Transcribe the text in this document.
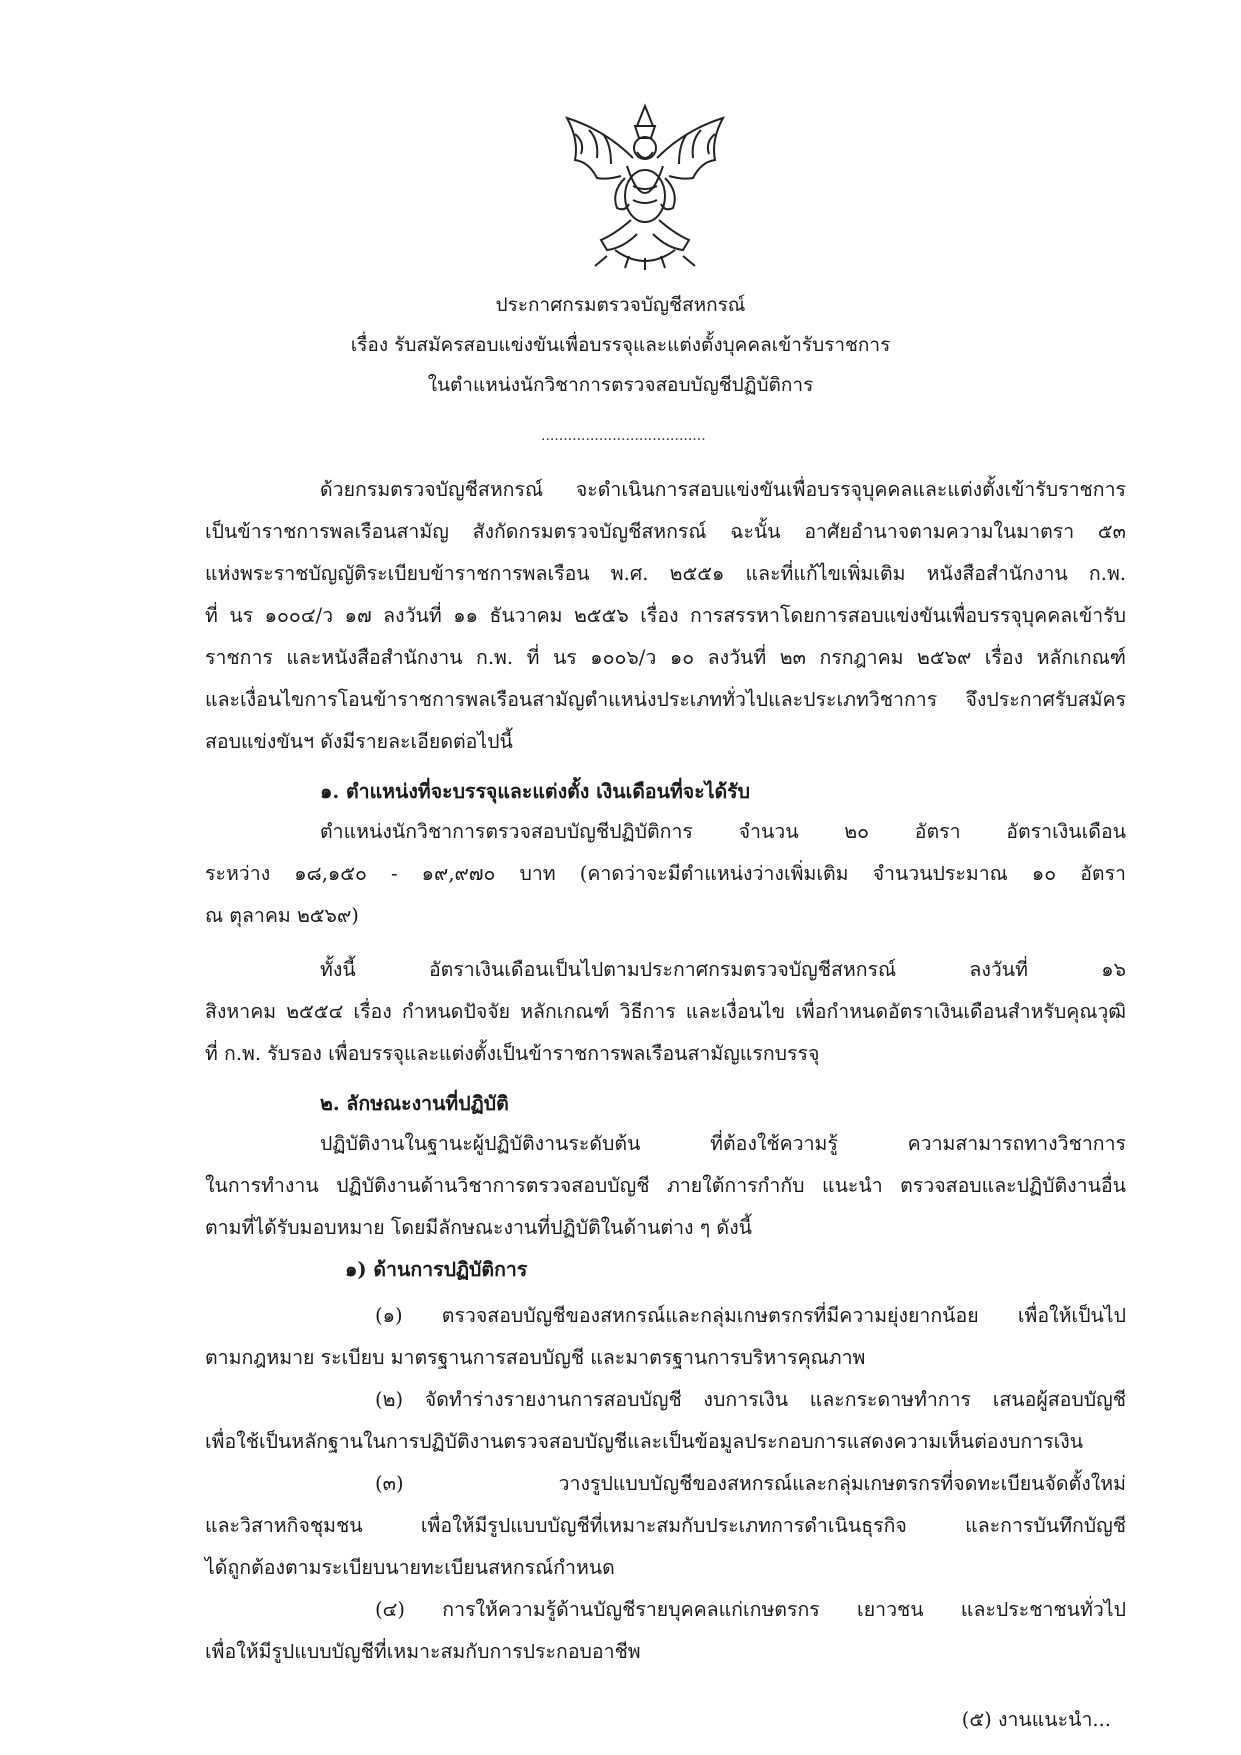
ประกาศกรมตรวจบัญชีสหกรณ์
เรื่อง รับสมัครสอบแข่งขันเพื่อบรรจุและแต่งตั้งบุคคลเข้ารับราชการ
ในตำแหน่งนักวิชาการตรวจสอบบัญชีปฏิบัติการ
.....................................
ด้วยกรมตรวจบัญชีสหกรณ์ จะดำเนินการสอบแข่งขันเพื่อบรรจุบุคคลและแต่งตั้งเข้ารับราชการ
เป็นข้าราชการพลเรือนสามัญ สังกัดกรมตรวจบัญชีสหกรณ์ ฉะนั้น อาศัยอำนาจตามความในมาตรา ๕๓
แห่งพระราชบัญญัติระเบียบข้าราชการพลเรือน พ.ศ. ๒๕๕๑ และที่แก้ไขเพิ่มเติม หนังสือสำนักงาน ก.พ.
ที่ นร ๑๐๐๔/ว ๑๗ ลงวันที่ ๑๑ ธันวาคม ๒๕๕๖ เรื่อง การสรรหาโดยการสอบแข่งขันเพื่อบรรจุบุคคลเข้ารับ
ราชการ และหนังสือสำนักงาน ก.พ. ที่ นร ๑๐๐๖/ว ๑๐ ลงวันที่ ๒๓ กรกฎาคม ๒๕๖๙ เรื่อง หลักเกณฑ์
และเงื่อนไขการโอนข้าราชการพลเรือนสามัญตำแหน่งประเภททั่วไปและประเภทวิชาการ จึงประกาศรับสมัคร
สอบแข่งขันฯ ดังมีรายละเอียดต่อไปนี้
๑. ตำแหน่งที่จะบรรจุและแต่งตั้ง เงินเดือนที่จะได้รับ
ตำแหน่งนักวิชาการตรวจสอบบัญชีปฏิบัติการ จำนวน ๒๐ อัตรา อัตราเงินเดือน
ระหว่าง ๑๘,๑๕๐ - ๑๙,๙๗๐ บาท (คาดว่าจะมีตำแหน่งว่างเพิ่มเติม จำนวนประมาณ ๑๐ อัตรา
ณ ตุลาคม ๒๕๖๙)
ทั้งนี้ อัตราเงินเดือนเป็นไปตามประกาศกรมตรวจบัญชีสหกรณ์ ลงวันที่ ๑๖
สิงหาคม ๒๕๕๔ เรื่อง กำหนดปัจจัย หลักเกณฑ์ วิธีการ และเงื่อนไข เพื่อกำหนดอัตราเงินเดือนสำหรับคุณวุฒิ
ที่ ก.พ. รับรอง เพื่อบรรจุและแต่งตั้งเป็นข้าราชการพลเรือนสามัญแรกบรรจุ
๒. ลักษณะงานที่ปฏิบัติ
ปฏิบัติงานในฐานะผู้ปฏิบัติงานระดับต้น ที่ต้องใช้ความรู้ ความสามารถทางวิชาการ
ในการทำงาน ปฏิบัติงานด้านวิชาการตรวจสอบบัญชี ภายใต้การกำกับ แนะนำ ตรวจสอบและปฏิบัติงานอื่น
ตามที่ได้รับมอบหมาย โดยมีลักษณะงานที่ปฏิบัติในด้านต่าง ๆ ดังนี้
๑) ด้านการปฏิบัติการ
(๑) ตรวจสอบบัญชีของสหกรณ์และกลุ่มเกษตรกรที่มีความยุ่งยากน้อย เพื่อให้เป็นไป
ตามกฎหมาย ระเบียบ มาตรฐานการสอบบัญชี และมาตรฐานการบริหารคุณภาพ
(๒) จัดทำร่างรายงานการสอบบัญชี งบการเงิน และกระดาษทำการ เสนอผู้สอบบัญชี
เพื่อใช้เป็นหลักฐานในการปฏิบัติงานตรวจสอบบัญชีและเป็นข้อมูลประกอบการแสดงความเห็นต่องบการเงิน
(๓) วางรูปแบบบัญชีของสหกรณ์และกลุ่มเกษตรกรที่จดทะเบียนจัดตั้งใหม่
และวิสาหกิจชุมชน เพื่อให้มีรูปแบบบัญชีที่เหมาะสมกับประเภทการดำเนินธุรกิจ และการบันทึกบัญชี
ได้ถูกต้องตามระเบียบนายทะเบียนสหกรณ์กำหนด
(๔) การให้ความรู้ด้านบัญชีรายบุคคลแก่เกษตรกร เยาวชน และประชาชนทั่วไป
เพื่อให้มีรูปแบบบัญชีที่เหมาะสมกับการประกอบอาชีพ
(๕) งานแนะนำ...
